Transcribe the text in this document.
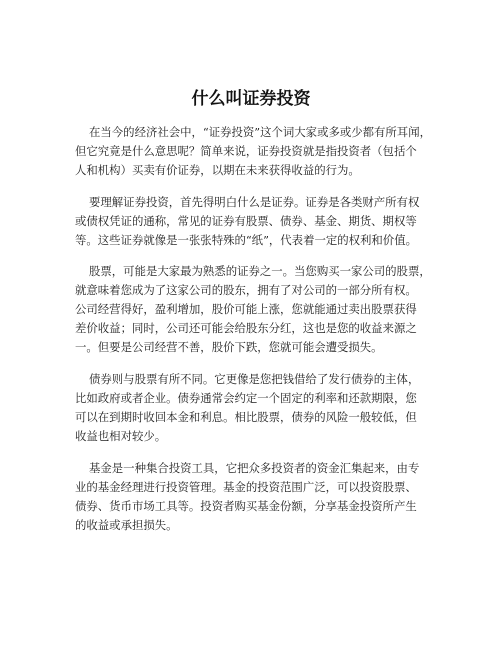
什么叫证券投资
在当今的经济社会中，“证券投资”这个词大家或多或少都有所耳闻，
但它究竟是什么意思呢？简单来说，证券投资就是指投资者（包括个
人和机构）买卖有价证券，以期在未来获得收益的行为。
要理解证券投资，首先得明白什么是证券。证券是各类财产所有权
或债权凭证的通称，常见的证券有股票、债券、基金、期货、期权等
等。这些证券就像是一张张特殊的“纸”，代表着一定的权利和价值。
股票，可能是大家最为熟悉的证券之一。当您购买一家公司的股票，
就意味着您成为了这家公司的股东，拥有了对公司的一部分所有权。
公司经营得好，盈利增加，股价可能上涨，您就能通过卖出股票获得
差价收益；同时，公司还可能会给股东分红，这也是您的收益来源之
一。但要是公司经营不善，股价下跌，您就可能会遭受损失。
债券则与股票有所不同。它更像是您把钱借给了发行债券的主体，
比如政府或者企业。债券通常会约定一个固定的利率和还款期限，您
可以在到期时收回本金和利息。相比股票，债券的风险一般较低，但
收益也相对较少。
基金是一种集合投资工具，它把众多投资者的资金汇集起来，由专
业的基金经理进行投资管理。基金的投资范围广泛，可以投资股票、
债券、货币市场工具等。投资者购买基金份额，分享基金投资所产生
的收益或承担损失。
